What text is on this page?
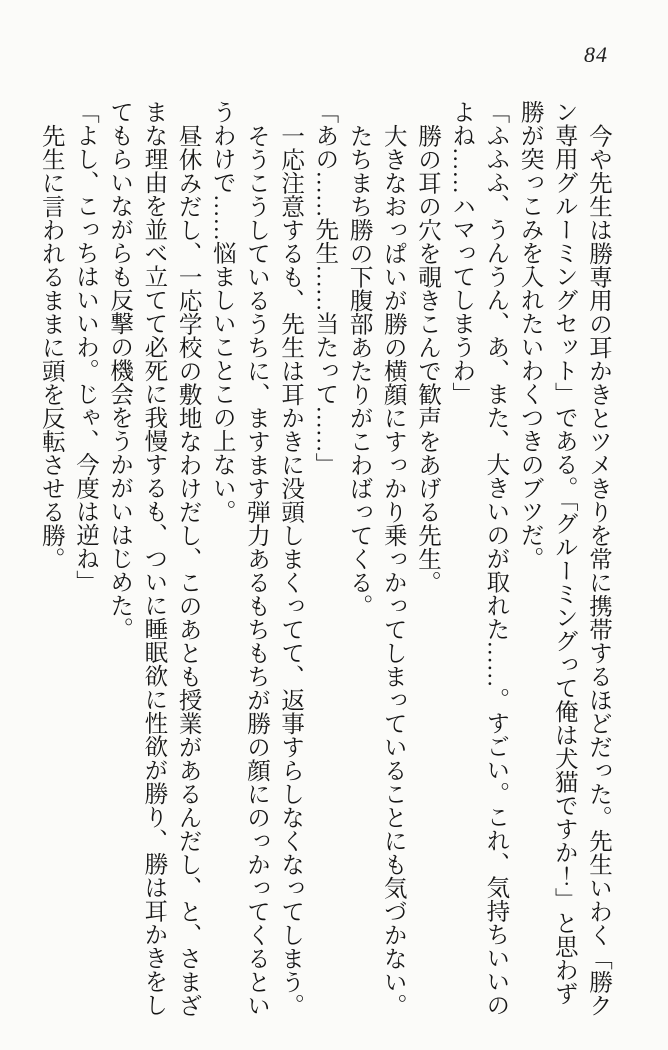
84

今や先生は勝専用の耳かきとツメきりを常に携帯するほどだった。先生いわく「勝クン専用グルーミングセット」である。「グルーミングって俺は犬猫ですか！」と思わず勝が突っこみを入れたいわくつきのブツだ。

「ふふふ、うんうん、あ、また、大きいのが取れた……。すごい。これ、気持ちいいのよね……ハマってしまうわ」

勝の耳の穴を覗きこんで歓声をあげる先生。

大きなおっぱいが勝の横顔にすっかり乗っかってしまっていることにも気づかない。

たちまち勝の下腹部あたりがこわばってくる。

「あの……先生……当たって……」

一応注意するも、先生は耳かきに没頭しまくってて、返事すらしなくなってしまう。

そうこうしているうちに、ますます弾力あるもちもちが勝の顔にのっかってくるというわけで……悩ましいことこの上ない。

昼休みだし、一応学校の敷地なわけだし、このあとも授業があるんだし、と、さまざまな理由を並べ立てて必死に我慢するも、ついに睡眠欲に性欲が勝り、勝は耳かきをしてもらいながらも反撃の機会をうかがいはじめた。

「よし、こっちはいいわ。じゃ、今度は逆ね」

先生に言われるままに頭を反転させる勝。
